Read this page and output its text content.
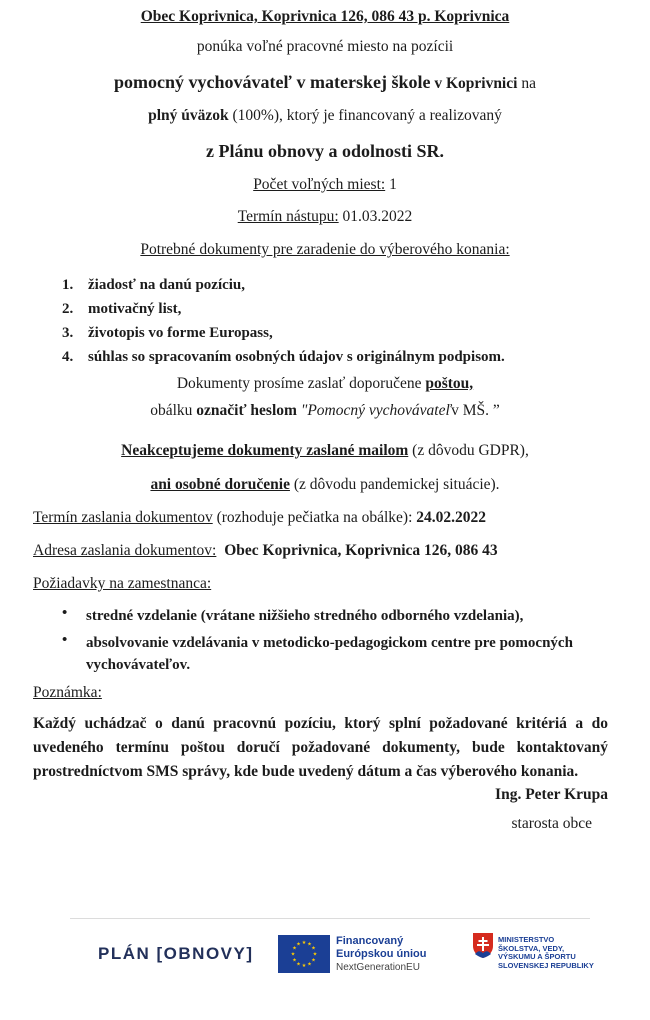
Obec Koprivnica, Koprivnica 126, 086 43 p. Koprivnica
ponúka voľné pracovné miesto na pozícii
pomocný vychovávateľ v materskej škole v Koprivnici na
plný úväzok (100%), ktorý je financovaný a realizovaný
z Plánu obnovy a odolnosti SR.
Počet voľných miest: 1
Termín nástupu: 01.03.2022
Potrebné dokumenty pre zaradenie do výberového konania:
1. žiadosť na danú pozíciu,
2. motivačný list,
3. životopis vo forme Europass,
4. súhlas so spracovaním osobných údajov s originálnym podpisom.
Dokumenty prosíme zaslať doporučene poštou,
obálku označiť heslom "Pomocný vychovávateľv MŠ. ”
Neakceptujeme dokumenty zaslané mailom (z dôvodu GDPR),
ani osobné doručenie (z dôvodu pandemickej situácie).
Termín zaslania dokumentov (rozhoduje pečiatka na obálke): 24.02.2022
Adresa zaslania dokumentov: Obec Koprivnica, Koprivnica 126, 086 43
Požiadavky na zamestnanca:
• stredné vzdelanie (vrátane nižšieho stredného odborného vzdelania),
• absolvovanie vzdelávania v metodicko-pedagogickom centre pre pomocných vychovávateľov.
Poznámka:
Každý uchádzač o danú pracovnú pozíciu, ktorý splní požadované kritériá a do uvedeného termínu poštou doručí požadované dokumenty, bude kontaktovaný prostredníctvom SMS správy, kde bude uvedený dátum a čas výberového konania.
Ing. Peter Krupa
starosta obce
PLÁN [OBNOVY]
★ ★
★
★
★
★
★
★
★
★
★
★	Financovaný
Európskou úniou
NextGenerationEU
MINISTERSTVO
ŠKOLSTVA, VEDY,
VÝSKUMU A ŠPORTU
SLOVENSKEJ REPUBLIKY
